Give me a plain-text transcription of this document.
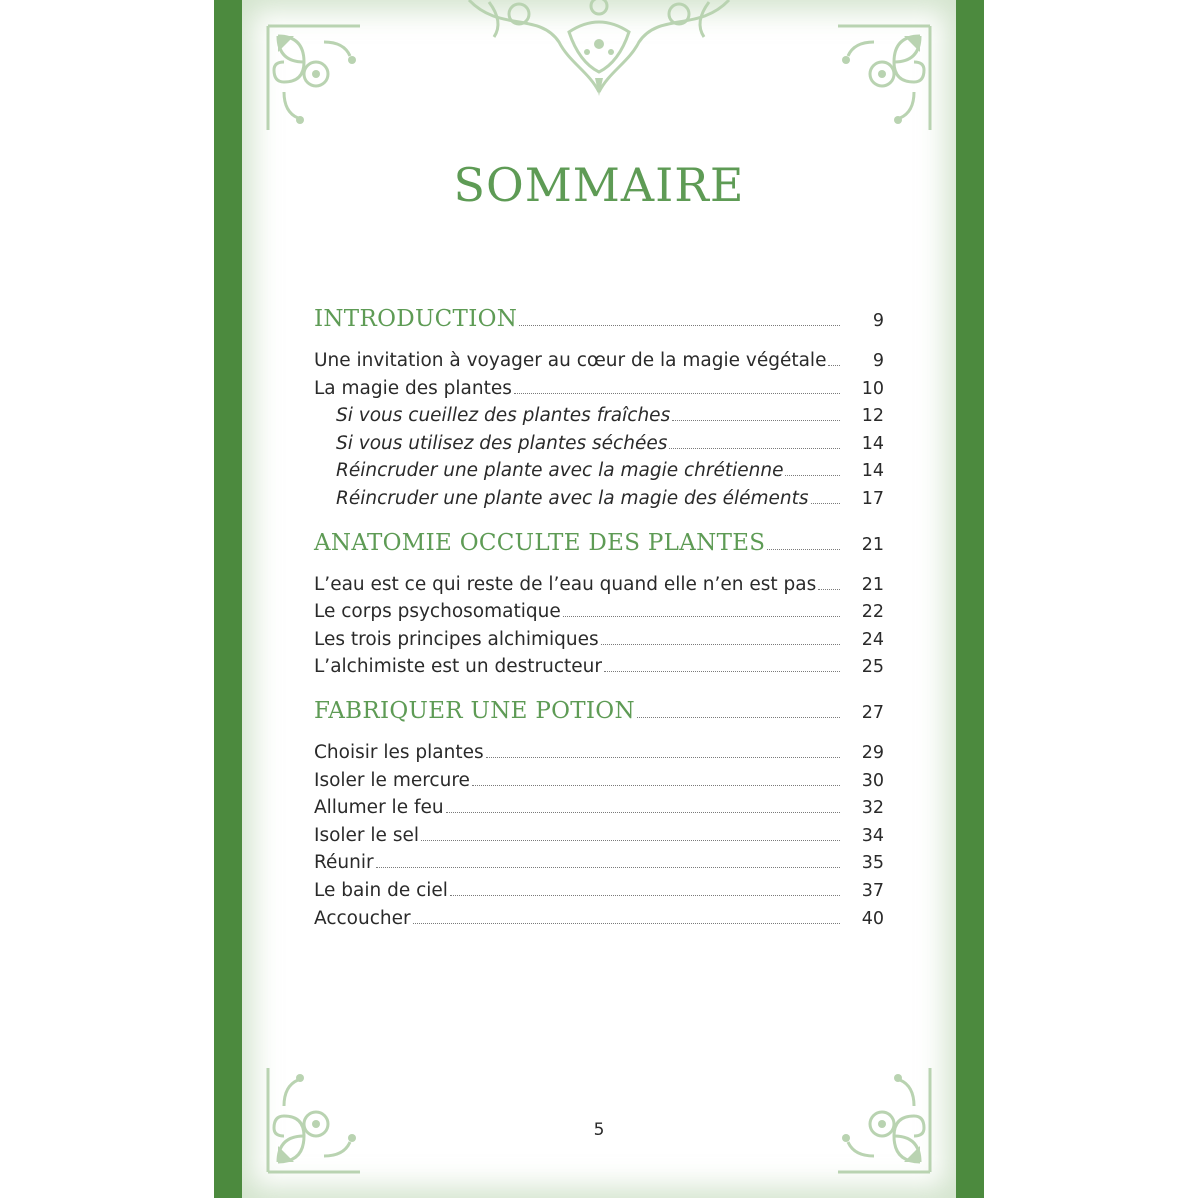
SOMMAIRE
INTRODUCTION	9
Une invitation à voyager au cœur de la magie végétale	9
La magie des plantes	10
Si vous cueillez des plantes fraîches	12
Si vous utilisez des plantes séchées	14
Réincruder une plante avec la magie chrétienne	14
Réincruder une plante avec la magie des éléments	17
ANATOMIE OCCULTE DES PLANTES	21
L’eau est ce qui reste de l’eau quand elle n’en est pas	21
Le corps psychosomatique	22
Les trois principes alchimiques	24
L’alchimiste est un destructeur	25
FABRIQUER UNE POTION	27
Choisir les plantes	29
Isoler le mercure	30
Allumer le feu	32
Isoler le sel	34
Réunir	35
Le bain de ciel	37
Accoucher	40
5
